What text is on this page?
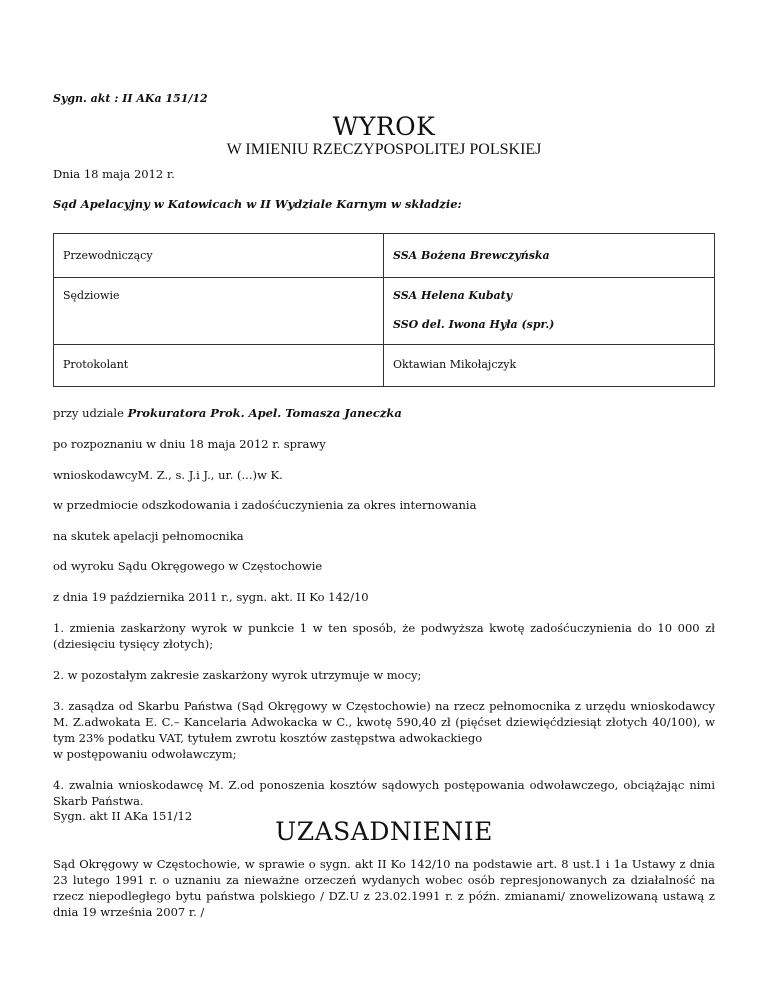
Sygn. akt : II AKa 151/12
WYROK
W IMIENIU RZECZYPOSPOLITEJ POLSKIEJ
Dnia 18 maja 2012 r.
Sąd Apelacyjny w Katowicach w II Wydziale Karnym w składzie:
Przewodniczący	SSA Bożena Brewczyńska
Sędziowie	SSA Helena Kubaty
SSO del. Iwona Hyła (spr.)
Protokolant	Oktawian Mikołajczyk
przy udziale Prokuratora Prok. Apel. Tomasza Janeczka
po rozpoznaniu w dniu 18 maja 2012 r. sprawy
wnioskodawcyM. Z., s. J.i J., ur. (...)w K.
w przedmiocie odszkodowania i zadośćuczynienia za okres internowania
na skutek apelacji pełnomocnika
od wyroku Sądu Okręgowego w Częstochowie
z dnia 19 października 2011 r., sygn. akt. II Ko 142/10
1. zmienia zaskarżony wyrok w punkcie 1 w ten sposób, że podwyższa kwotę zadośćuczynienia do 10 000 zł (dziesięciu tysięcy złotych);
2. w pozostałym zakresie zaskarżony wyrok utrzymuje w mocy;
3. zasądza od Skarbu Państwa (Sąd Okręgowy w Częstochowie) na rzecz pełnomocnika z urzędu wnioskodawcy M. Z.adwokata E. C.– Kancelaria Adwokacka w C., kwotę 590,40 zł (pięćset dziewięćdziesiąt złotych 40/100), w tym 23% podatku VAT, tytułem zwrotu kosztów zastępstwa adwokackiego
w postępowaniu odwoławczym;
4. zwalnia wnioskodawcę M. Z.od ponoszenia kosztów sądowych postępowania odwoławczego, obciążając nimi Skarb Państwa.
Sygn. akt II AKa 151/12
UZASADNIENIE
Sąd Okręgowy w Częstochowie, w sprawie o sygn. akt II Ko 142/10 na podstawie art. 8 ust.1 i 1a Ustawy z dnia 23 lutego 1991 r. o uznaniu za nieważne orzeczeń wydanych wobec osób represjonowanych za działalność na rzecz niepodległego bytu państwa polskiego / DZ.U z 23.02.1991 r. z późn. zmianami/ znowelizowaną ustawą z dnia 19 września 2007 r. /
